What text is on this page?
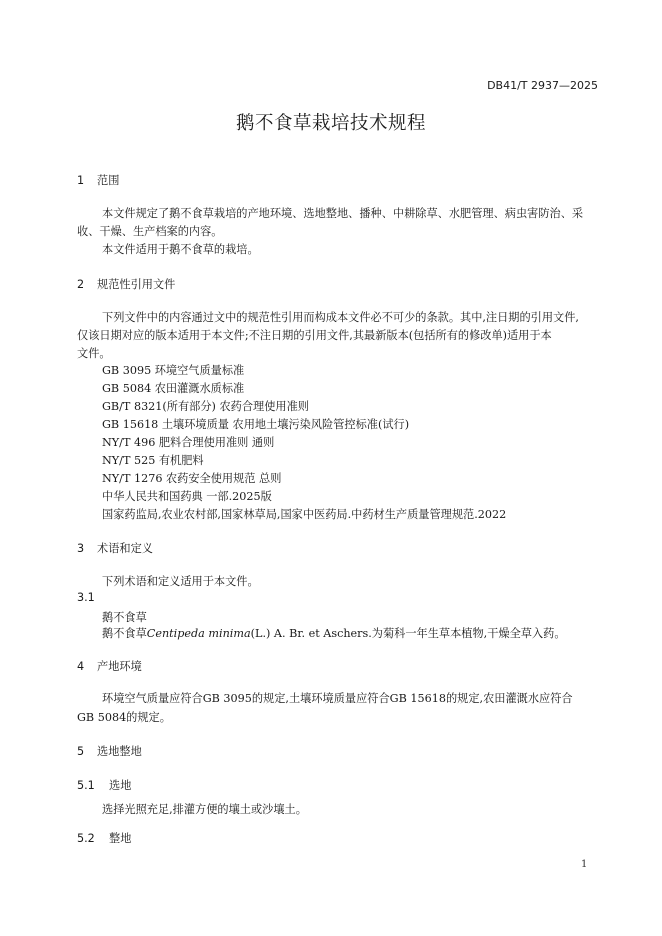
DB41/T 2937—2025
鹅不食草栽培技术规程
1 范围
本文件规定了鹅不食草栽培的产地环境、选地整地、播种、中耕除草、水肥管理、病虫害防治、采
收、干燥、生产档案的内容。
本文件适用于鹅不食草的栽培。
2 规范性引用文件
下列文件中的内容通过文中的规范性引用而构成本文件必不可少的条款。其中,注日期的引用文件,
仅该日期对应的版本适用于本文件;不注日期的引用文件,其最新版本(包括所有的修改单)适用于本
文件。
GB 3095 环境空气质量标准
GB 5084 农田灌溉水质标准
GB/T 8321(所有部分) 农药合理使用准则
GB 15618 土壤环境质量 农用地土壤污染风险管控标准(试行)
NY/T 496 肥料合理使用准则 通则
NY/T 525 有机肥料
NY/T 1276 农药安全使用规范 总则
中华人民共和国药典 一部.2025版
国家药监局,农业农村部,国家林草局,国家中医药局.中药材生产质量管理规范.2022
3 术语和定义
下列术语和定义适用于本文件。
3.1
鹅不食草
鹅不食草Centipeda minima(L.) A. Br. et Aschers.为菊科一年生草本植物,干燥全草入药。
4 产地环境
环境空气质量应符合GB 3095的规定,土壤环境质量应符合GB 15618的规定,农田灌溉水应符合
GB 5084的规定。
5 选地整地
5.1 选地
选择光照充足,排灌方便的壤土或沙壤土。
5.2 整地
1
